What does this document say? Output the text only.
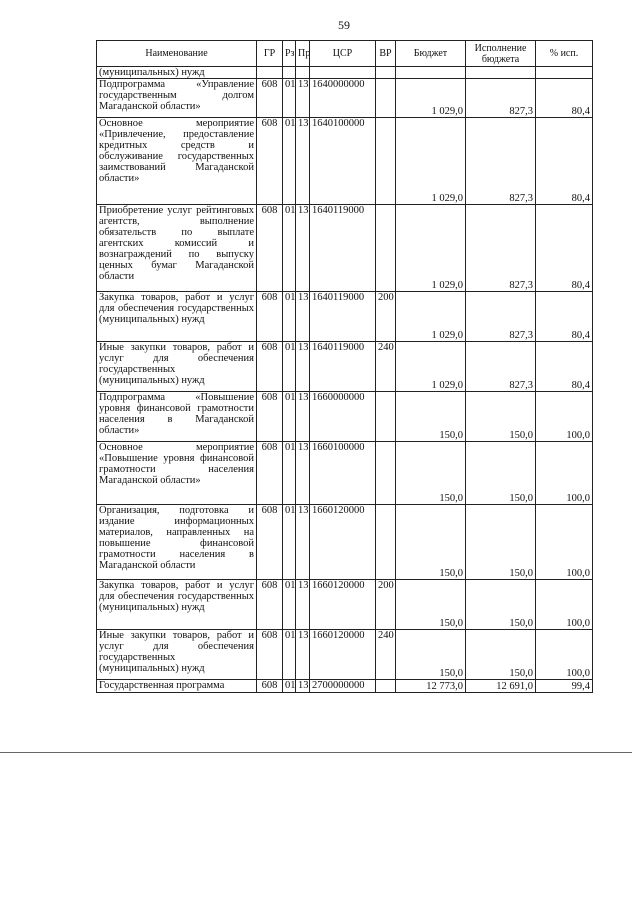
59
Наименование	ГР	Рз	Пр	ЦСР	ВР	Бюджет	Исполнение бюджета	% исп.
(муниципальных) нужд								
Подпрограмма «Управление государственным долгом Магаданской области»	608	01	13	1640000000		1 029,0	827,3	80,4
Основное мероприятие «Привлечение, предоставление кредитных средств и обслуживание государственных заимствований Магаданской области»	608	01	13	1640100000		1 029,0	827,3	80,4
Приобретение услуг рейтинговых агентств, выполнение обязательств по выплате агентских комиссий и вознаграждений по выпуску ценных бумаг Магаданской области	608	01	13	1640119000		1 029,0	827,3	80,4
Закупка товаров, работ и услуг для обеспечения государственных (муниципальных) нужд	608	01	13	1640119000	200	1 029,0	827,3	80,4
Иные закупки товаров, работ и услуг для обеспечения государственных (муниципальных) нужд	608	01	13	1640119000	240	1 029,0	827,3	80,4
Подпрограмма «Повышение уровня финансовой грамотности населения в Магаданской области»	608	01	13	1660000000		150,0	150,0	100,0
Основное мероприятие «Повышение уровня финансовой грамотности населения Магаданской области»	608	01	13	1660100000		150,0	150,0	100,0
Организация, подготовка и издание информационных материалов, направленных на повышение финансовой грамотности населения в Магаданской области	608	01	13	1660120000		150,0	150,0	100,0
Закупка товаров, работ и услуг для обеспечения государственных (муниципальных) нужд	608	01	13	1660120000	200	150,0	150,0	100,0
Иные закупки товаров, работ и услуг для обеспечения государственных (муниципальных) нужд	608	01	13	1660120000	240	150,0	150,0	100,0
Государственная программа	608	01	13	2700000000		12 773,0	12 691,0	99,4
